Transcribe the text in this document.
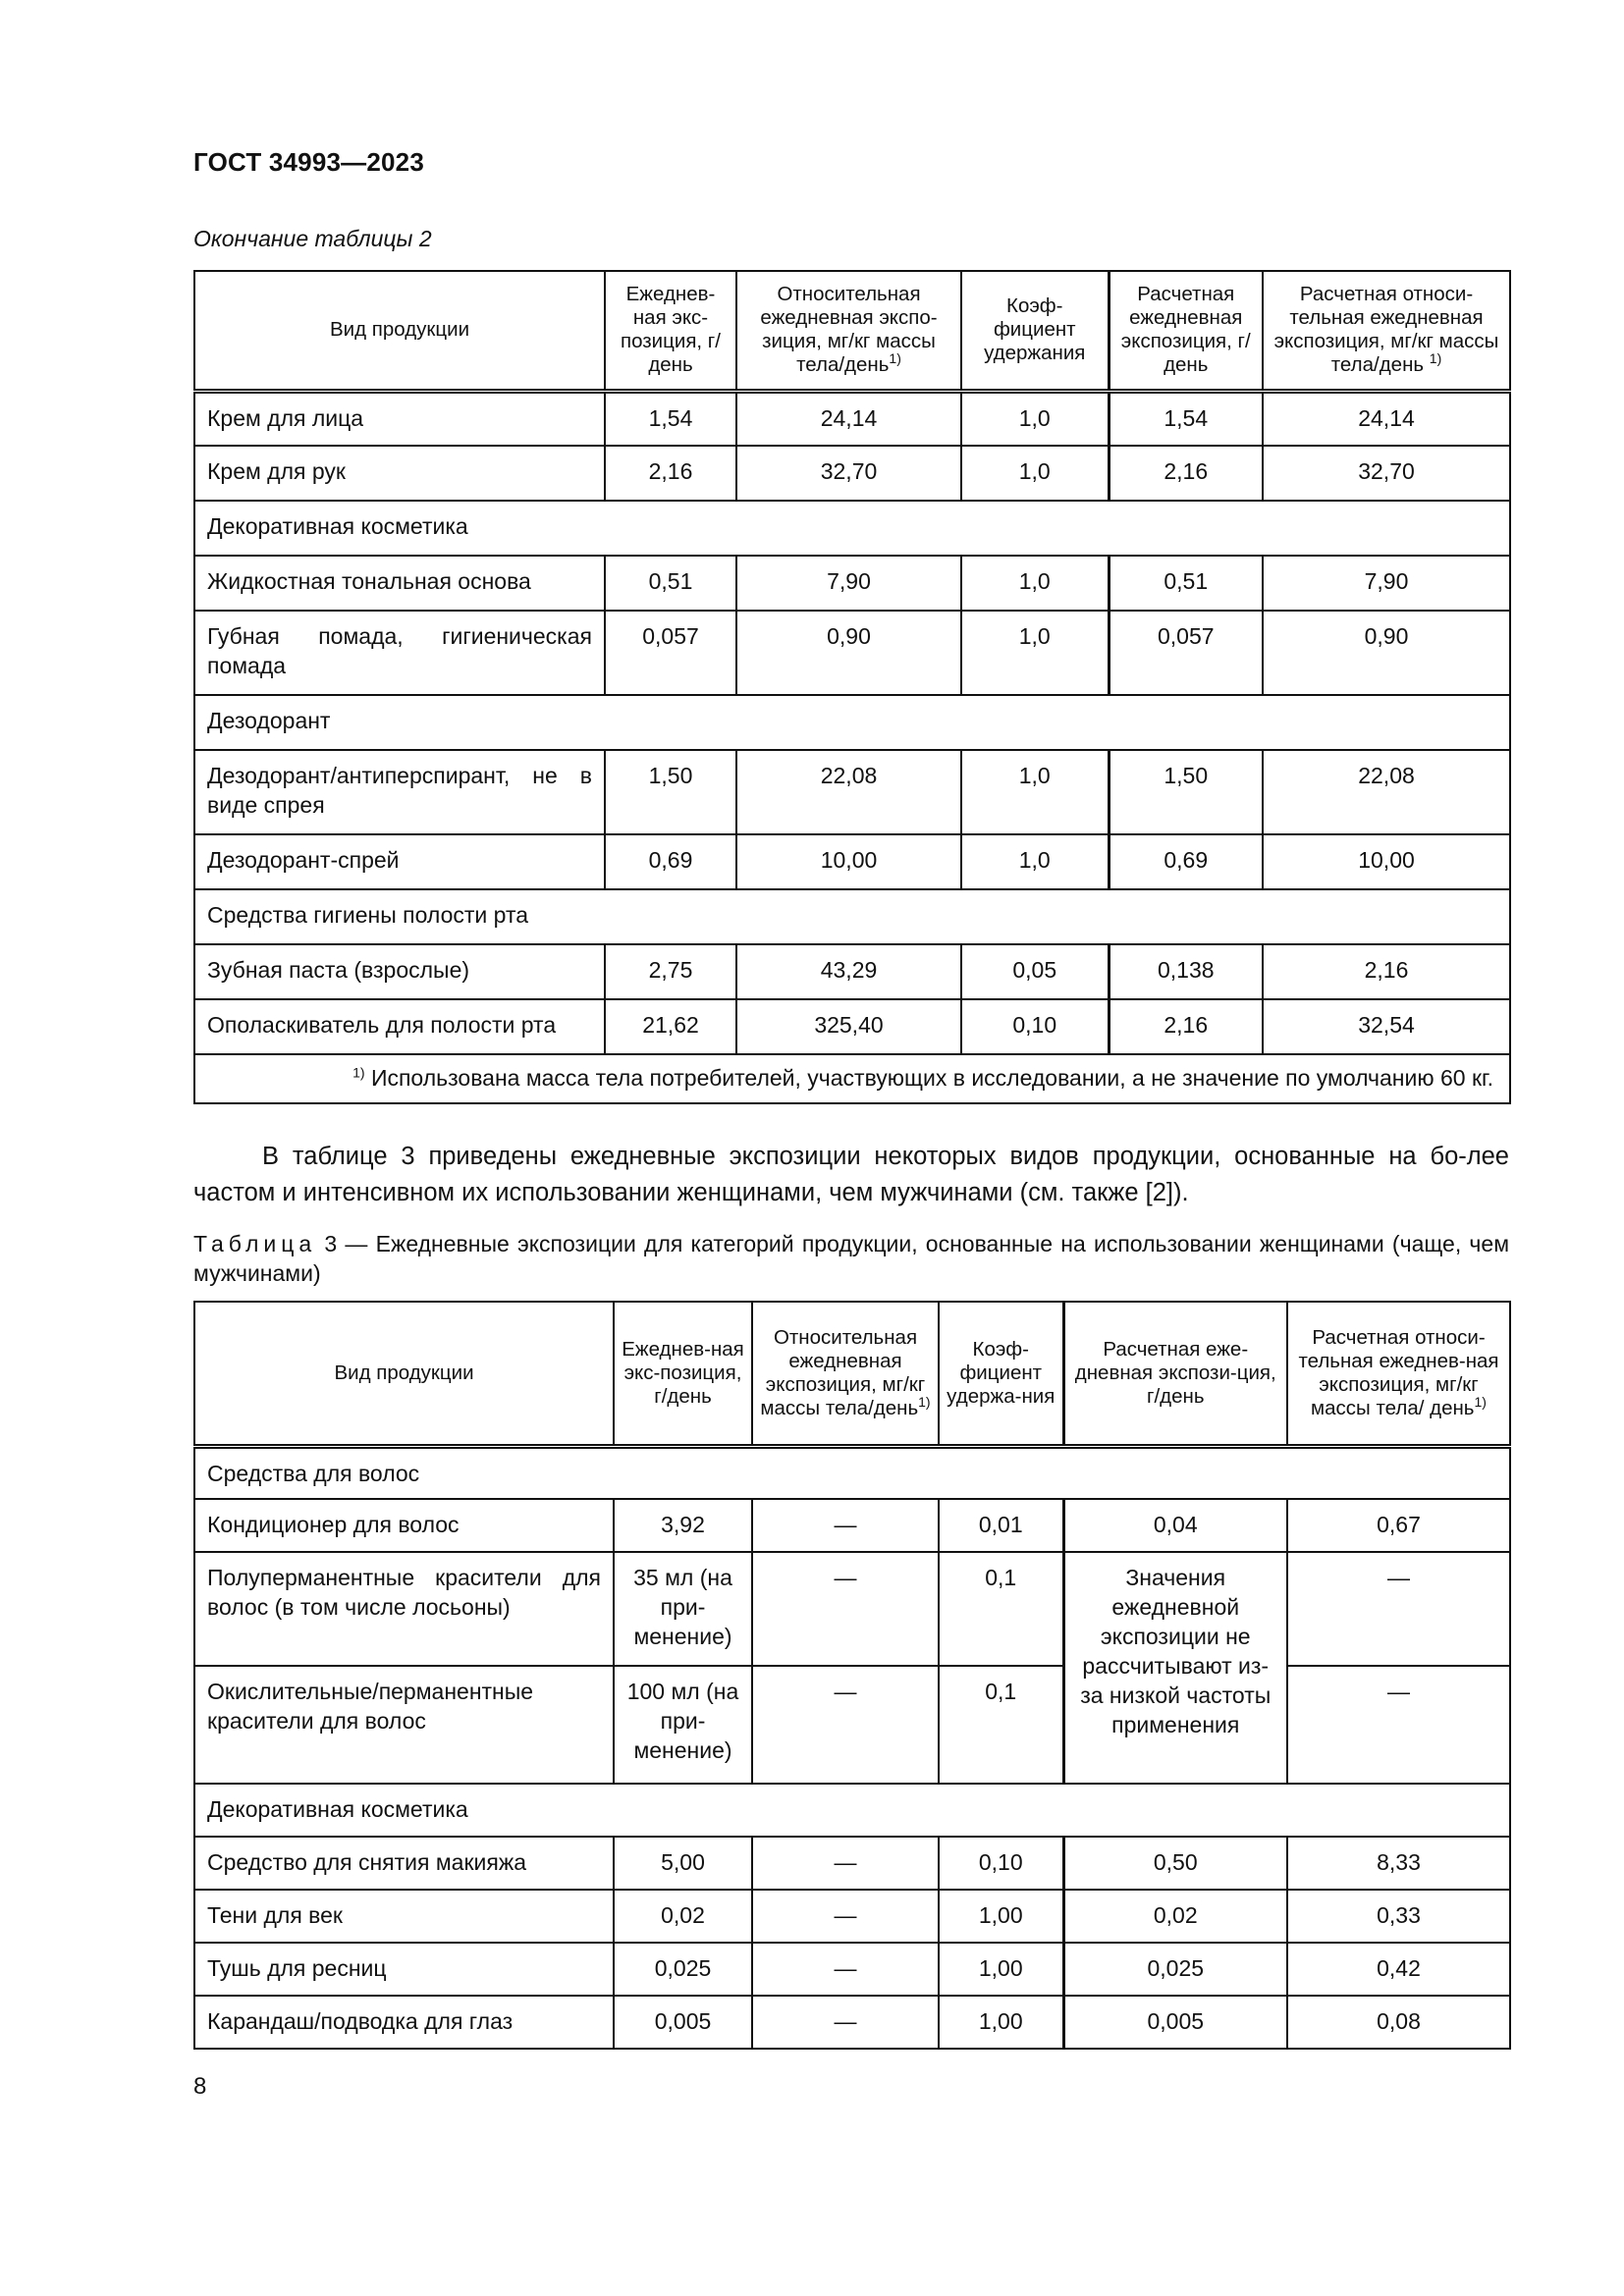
ГОСТ 34993—2023
Окончание таблицы 2
Вид продукции	Ежеднев-ная экс-позиция, г/день	Относительная ежедневная экспо-зиция, мг/кг массы тела/день$^{1)}$	Коэф-фициент удержания	Расчетная ежедневная экспозиция, г/день	Расчетная относи-тельная ежедневная экспозиция, мг/кг массы тела/день $^{1)}$
Крем для лица	1,54	24,14	1,0	1,54	24,14
Крем для рук	2,16	32,70	1,0	2,16	32,70
Декоративная косметика					
Жидкостная тональная основа	0,51	7,90	1,0	0,51	7,90
Губная помада, гигиеническая помада	0,057	0,90	1,0	0,057	0,90
Дезодорант					
Дезодорант/антиперспирант, не в виде спрея	1,50	22,08	1,0	1,50	22,08
Дезодорант-спрей	0,69	10,00	1,0	0,69	10,00
Средства гигиены полости рта					
Зубная паста (взрослые)	2,75	43,29	0,05	0,138	2,16
Ополаскиватель для полости рта	21,62	325,40	0,10	2,16	32,54
$^{1)}$ Использована масса тела потребителей, участвующих в исследовании, а не значение по умолчанию 60 кг.					
В таблице 3 приведены ежедневные экспозиции некоторых видов продукции, основанные на бо-лее частом и интенсивном их использовании женщинами, чем мужчинами (см. также [2]).
Таблица 3 — Ежедневные экспозиции для категорий продукции, основанные на использовании женщинами (чаще, чем мужчинами)
Вид продукции	Ежеднев-ная экс-позиция, г/день	Относительная ежедневная экспозиция, мг/кг массы тела/день$^{1)}$	Коэф-фициент удержа-ния	Расчетная еже-дневная экспози-ция, г/день	Расчетная относи-тельная ежеднев-ная экспозиция, мг/кг массы тела/ день$^{1)}$
Средства для волос					
Кондиционер для волос	3,92	—	0,01	0,04	0,67
Полуперманентные красители для волос (в том числе лосьоны)	35 мл (на при-менение)	—	0,1	Значения ежедневной экспозиции не рассчитывают из-за низкой частоты применения	—
Окислительные/перманентные красители для волос	100 мл (на при-менение)	—	0,1		—
Декоративная косметика					
Средство для снятия макияжа	5,00	—	0,10	0,50	8,33
Тени для век	0,02	—	1,00	0,02	0,33
Тушь для ресниц	0,025	—	1,00	0,025	0,42
Карандаш/подводка для глаз	0,005	—	1,00	0,005	0,08
8
